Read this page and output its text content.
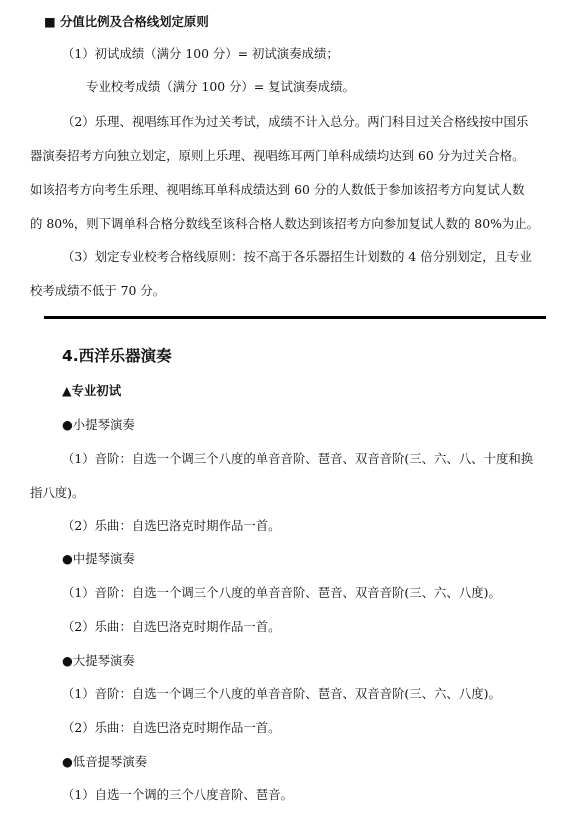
■ 分值比例及合格线划定原则
（1）初试成绩（满分 100 分）= 初试演奏成绩；
专业校考成绩（满分 100 分）= 复试演奏成绩。
（2）乐理、视唱练耳作为过关考试，成绩不计入总分。两门科目过关合格线按中国乐
器演奏招考方向独立划定，原则上乐理、视唱练耳两门单科成绩均达到 60 分为过关合格。
如该招考方向考生乐理、视唱练耳单科成绩达到 60 分的人数低于参加该招考方向复试人数
的 80%，则下调单科合格分数线至该科合格人数达到该招考方向参加复试人数的 80%为止。
（3）划定专业校考合格线原则：按不高于各乐器招生计划数的 4 倍分别划定，且专业
校考成绩不低于 70 分。
4.西洋乐器演奏
▲专业初试
●小提琴演奏
（1）音阶：自选一个调三个八度的单音音阶、琶音、双音音阶(三、六、八、十度和换
指八度)。
（2）乐曲：自选巴洛克时期作品一首。
●中提琴演奏
（1）音阶：自选一个调三个八度的单音音阶、琶音、双音音阶(三、六、八度)。
（2）乐曲：自选巴洛克时期作品一首。
●大提琴演奏
（1）音阶：自选一个调三个八度的单音音阶、琶音、双音音阶(三、六、八度)。
（2）乐曲：自选巴洛克时期作品一首。
●低音提琴演奏
（1）自选一个调的三个八度音阶、琶音。
